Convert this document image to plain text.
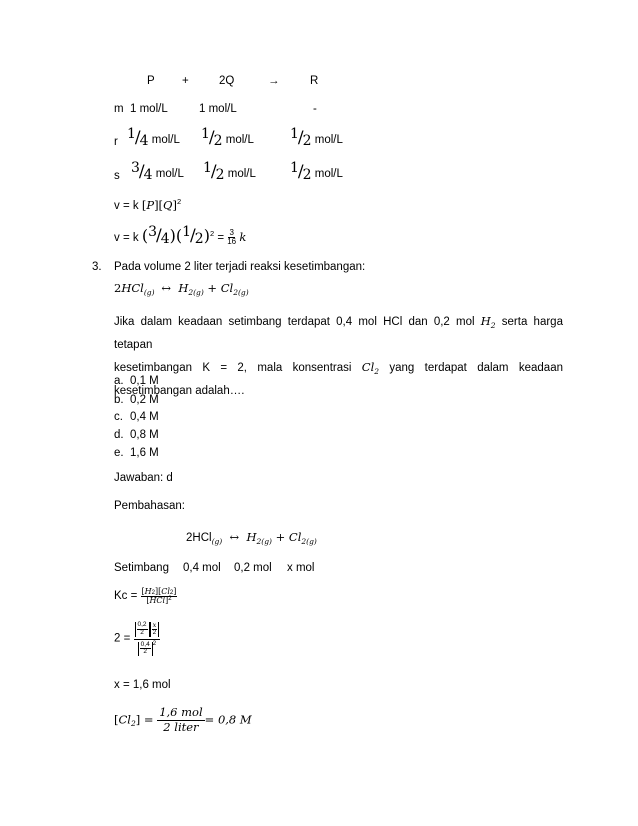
P +	2Q	→	R
m 1 mol/L	1 mol/L	-
r 1/4 mol/L 1/2 mol/L	1/2 mol/L
s 3/4 mol/L 1/2 mol/L 1/2 mol/L
v = k $[P][Q]^2$
v = k $(3/4)(1/2)^2 = \frac{3}{16}$ k
3. Pada volume 2 liter terjadi reaksi kesetimbangan:
2HCl$_{(g)}$  ↔  $H_{2(g)} + Cl_{2(g)}$
Jika dalam keadaan setimbang terdapat 0,4 mol HCl dan 0,2 mol $H_2$ serta harga tetapan
kesetimbangan K = 2, mala konsentrasi $Cl_2$ yang terdapat dalam keadaan
kesetimbangan adalah….
a. 0,1 M
b. 0,2 M
c. 0,4 M
d. 0,8 M
e. 1,6 M
Jawaban: d
Pembahasan:
2HCl$_{(g)}$  ↔  $H_{2(g)} + Cl_{2(g)}$
Setimbang 0,4 mol 0,2 mol x mol
$Kc = \frac{[H2][Cl2]}{[HCl]^2}$
$2 = \frac{\frac{0,2}{2} \frac{x}{2}}{\frac{0,4}{2} 2}$
x = 1,6 mol
$[Cl_2] = \frac{\text{1,6 mol}}{\text{2 liter}} = 0,8$ M
